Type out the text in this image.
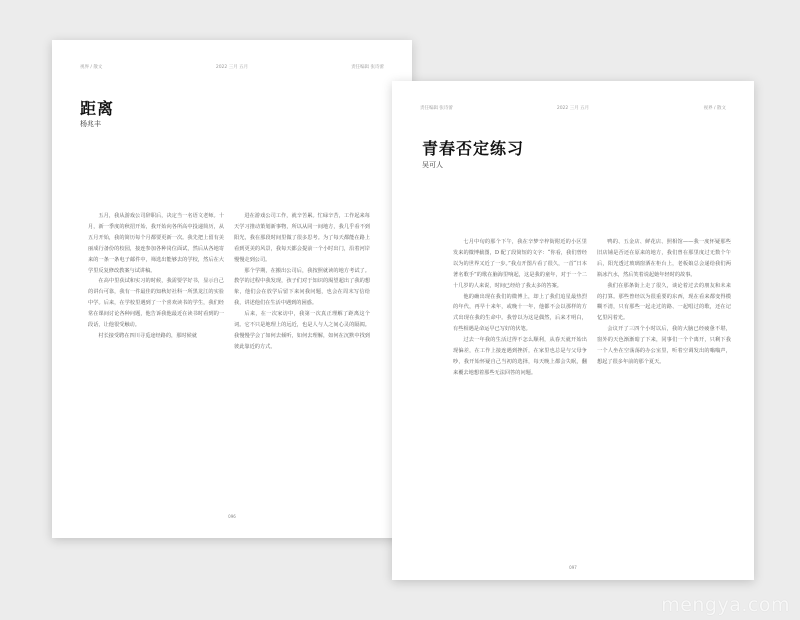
视界 / 散文	2022 三月 五月	责任编辑 张诗蕾
距离
杨兆丰

五月，我从游戏公司辞职后，决定当一名语文老师。十月，新一季度的秋招开始，我开始向各所高中投递简历，从五月开始，我的简历每个月都要更新一次。我先把上留有美丽成行备份的校园，接连参加各种岗位面试，然后从各地寄来的一条一条电子邮件中，筛选出能够去的学校，然后在大学里反复修改教案与试讲稿。

在高中里获试和实习的时候，我需要学好书，显示自己的讲台可靠，我有一件最佳的知秋好社科一所黑龙江的实验中学。后来，在学校里遇到了一个喜欢读书的学生，我们经常在课间讨论各种问题，他告诉我他最近在读书时看到的一段话，让他很受触动。

村长接受聘在四川寻觅途经路的，那时候就

进在游戏公司工作，就辛苦累。忙碌辛苦，工作起来每天学习推动策划新事物，所以从同一间地方，我几乎看不到阳光，我在那段时间里做了很多思考。为了每天都能在路上看到更美的风景，我每天都会提前一个小时出门，沿着河岸慢慢走到公司。

那个学期，在搬出公司后，我按照就读的地方考试了。教学的过程中我发现，孩子们对于知识的渴望超出了我的想象，他们会在放学后留下来问我问题，也会在周末写信给我，讲述他们在生活中遇到的困惑。

后来，在一次家访中，我第一次真正理解了距离这个词。它不只是地理上的远近，也是人与人之间心灵的隔阂。我慢慢学会了如何去倾听，如何去理解，如何在沉默中找到彼此靠近的方式。

096
责任编辑 张诗蕾	2022 三月 五月	视界 / 散文
青春否定练习
吴可人

七月中旬的那个下午，我在辛梦辛梓街附近的小区里发来的微博截图，D 配了段简短的文字：“你看，我们曾经以为的世界又近了一步。”我点开图片看了很久，一首“日本著名歌手”的歌在脑海里响起，这是我的童年，对于一个二十几岁的人来说，时间已经给了我太多的答案。

他的确出现在我们的微博上，却上了我们追星最热烈的年代，再早十来年，或晚十一年，他都不会以那样的方式出现在我的生命中。我曾以为这是偶然，后来才明白，有些相遇是命运早已写好的伏笔。

过去一年我的生活过得不怎么顺利，从春天就开始出现偏差，在工作上接连遇到挫折，在家里也总是与父母争吵，我开始怀疑自己当初的选择，每天晚上都会失眠，翻来覆去地想着那些无法回答的问题。

鸭的、五金店、鲜花店、照相馆——我一度怀疑那些旧店铺是否还在原来的地方，我们曾在那里度过无数个午后，阳光透过玻璃窗洒在柜台上，老板娘总会递给我们两瓶冰汽水，然后笑着说起她年轻时的故事。

我们在那条街上走了很久，谈论着过去的朋友和未来的打算。那些曾经以为很重要的东西，现在看来都变得模糊不清，只有那些一起走过的路、一起唱过的歌，还在记忆里闪着光。

会议开了三四个小时以后，我的大脑已经疲惫不堪，窗外的天色渐渐暗了下来，同事们一个个离开，只剩下我一个人坐在空荡荡的办公室里，听着空调发出的嗡嗡声，想起了很多年前的那个夏天。

097
mengya.com
